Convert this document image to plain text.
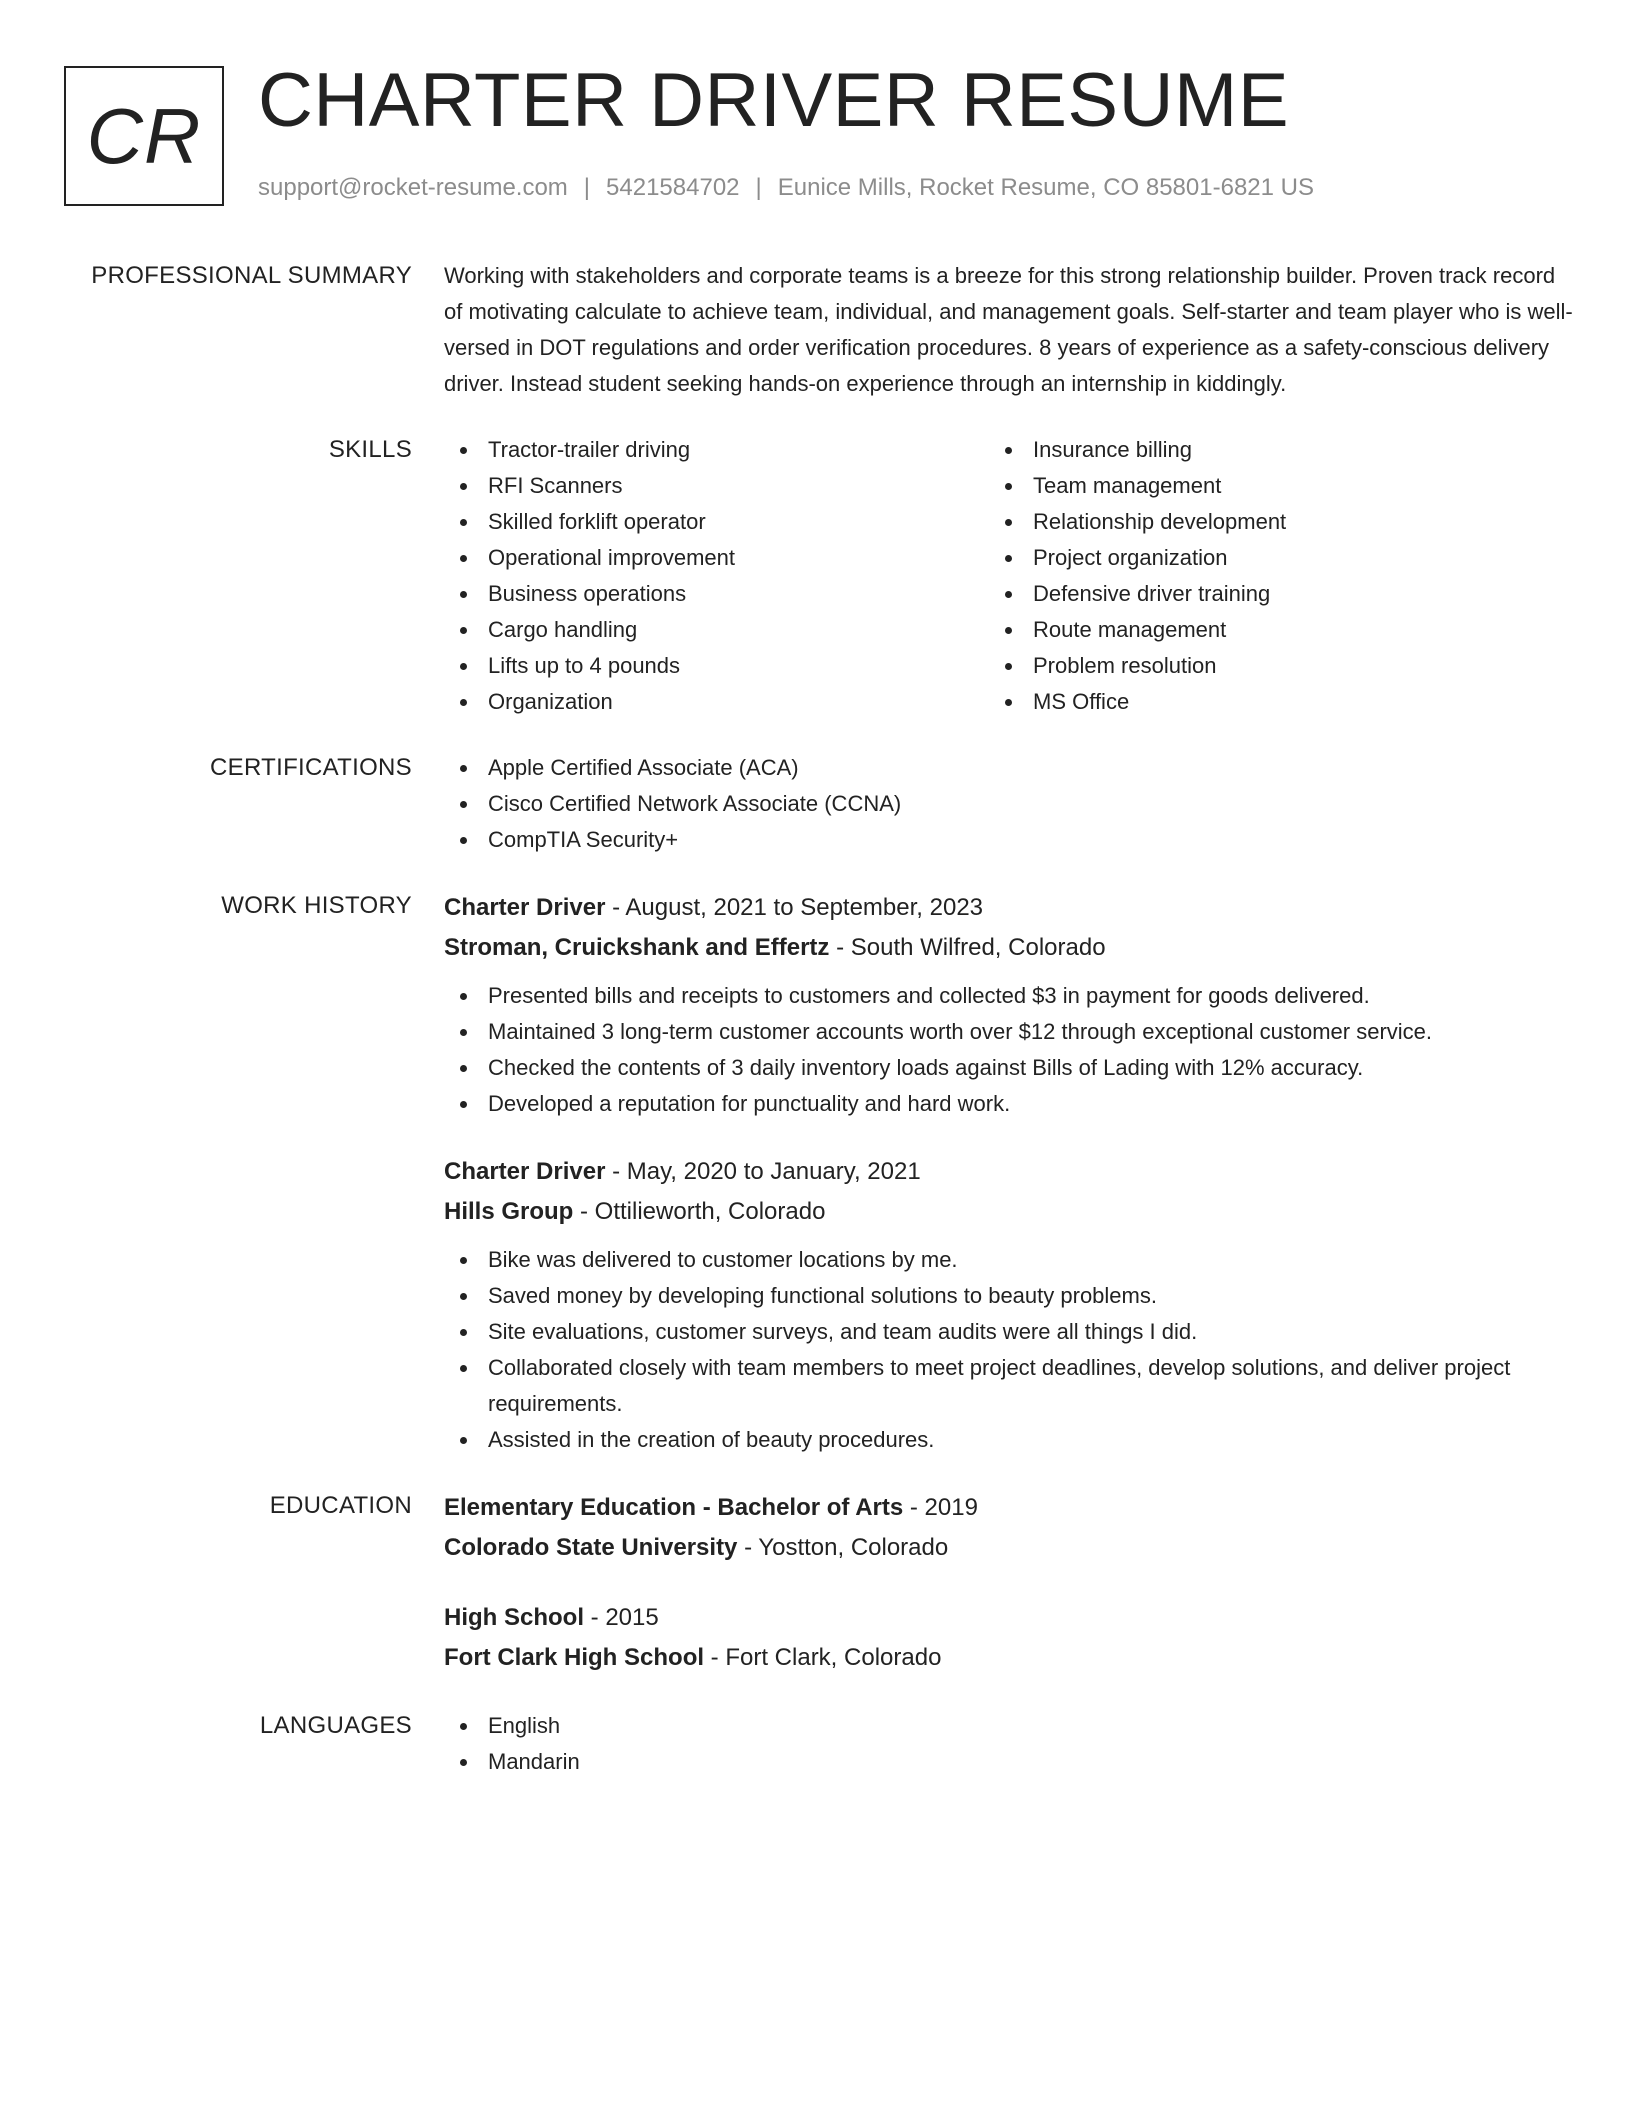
CR CHARTER DRIVER RESUME
support@rocket-resume.com | 5421584702 | Eunice Mills, Rocket Resume, CO 85801-6821 US
PROFESSIONAL SUMMARY Working with stakeholders and corporate teams is a breeze for this strong relationship builder. Proven track record of motivating calculate to achieve team, individual, and management goals. Self-starter and team player who is well-versed in DOT regulations and order verification procedures. 8 years of experience as a safety-conscious delivery driver. Instead student seeking hands-on experience through an internship in kiddingly.

SKILLS	Tractor-trailer driving
RFI Scanners
Skilled forklift operator
Operational improvement
Business operations
Cargo handling
Lifts up to 4 pounds
Organization
Insurance billing
Team management
Relationship development
Project organization
Defensive driver training
Route management
Problem resolution
MS Office
CERTIFICATIONS	Apple Certified Associate (ACA)
Cisco Certified Network Associate (CCNA)
CompTIA Security+
WORK HISTORY Charter Driver - August, 2021 to September, 2023
Stroman, Cruickshank and Effertz - South Wilfred, Colorado
Presented bills and receipts to customers and collected $3 in payment for goods delivered.
Maintained 3 long-term customer accounts worth over $12 through exceptional customer service.
Checked the contents of 3 daily inventory loads against Bills of Lading with 12% accuracy.
Developed a reputation for punctuality and hard work.
Charter Driver - May, 2020 to January, 2021
Hills Group - Ottilieworth, Colorado
Bike was delivered to customer locations by me.
Saved money by developing functional solutions to beauty problems.
Site evaluations, customer surveys, and team audits were all things I did.
Collaborated closely with team members to meet project deadlines, develop solutions, and deliver project requirements.
Assisted in the creation of beauty procedures.
EDUCATION Elementary Education - Bachelor of Arts - 2019
Colorado State University - Yostton, Colorado
High School - 2015
Fort Clark High School - Fort Clark, Colorado
LANGUAGES	English
Mandarin
